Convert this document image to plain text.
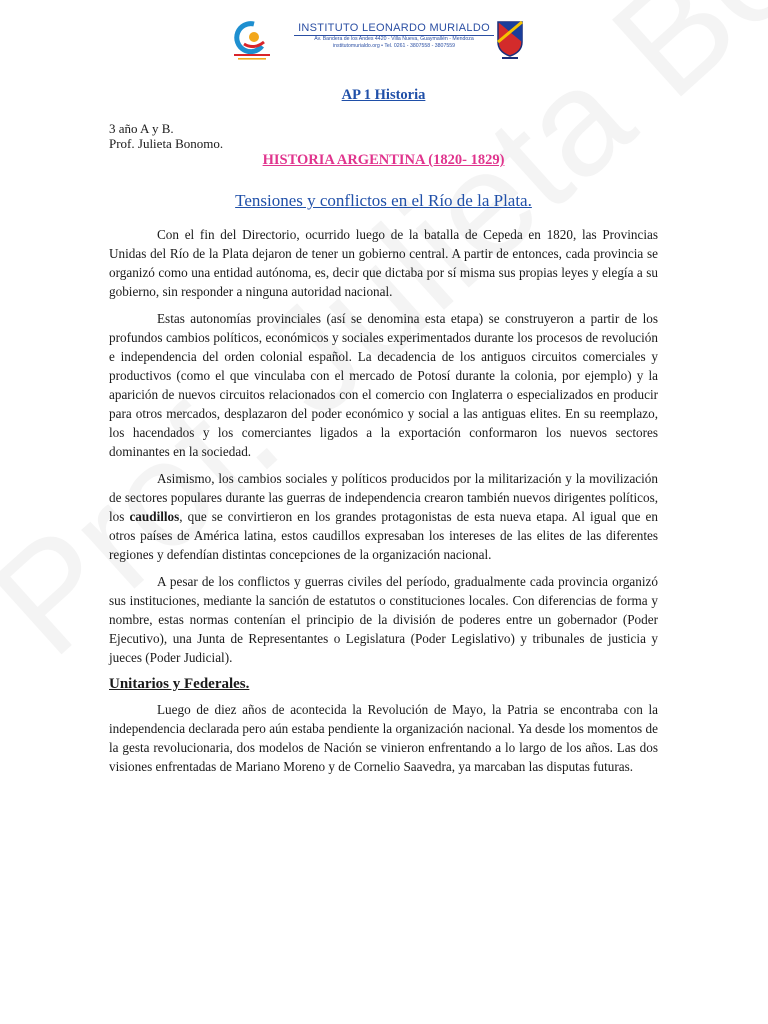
INSTITUTO LEONARDO MURIALDO
Av. Bandera de los Andes 4420 - Villa Nueva, Guaymallén - Mendoza
institutomurialdo.org • Tel. 0261 - 3807558 - 3807559
AP 1 Historia

3 año A y B.

Prof. Julieta Bonomo.

HISTORIA ARGENTINA (1820- 1829)
Tensiones y conflictos en el Río de la Plata.

Con el fin del Directorio, ocurrido luego de la batalla de Cepeda en 1820, las Provincias Unidas del Río de la Plata dejaron de tener un gobierno central. A partir de entonces, cada provincia se organizó como una entidad autónoma, es, decir que dictaba por sí misma sus propias leyes y elegía a su gobierno, sin responder a ninguna autoridad nacional.

Estas autonomías provinciales (así se denomina esta etapa) se construyeron a partir de los profundos cambios políticos, económicos y sociales experimentados durante los procesos de revolución e independencia del orden colonial español. La decadencia de los antiguos circuitos comerciales y productivos (como el que vinculaba con el mercado de Potosí durante la colonia, por ejemplo) y la aparición de nuevos circuitos relacionados con el comercio con Inglaterra o especializados en producir para otros mercados, desplazaron del poder económico y social a las antiguas elites. En su reemplazo, los hacendados y los comerciantes ligados a la exportación conformaron los nuevos sectores dominantes en la sociedad.

Asimismo, los cambios sociales y políticos producidos por la militarización y la movilización de sectores populares durante las guerras de independencia crearon también nuevos dirigentes políticos, los caudillos, que se convirtieron en los grandes protagonistas de esta nueva etapa. Al igual que en otros países de América latina, estos caudillos expresaban los intereses de las elites de las diferentes regiones y defendían distintas concepciones de la organización nacional.

A pesar de los conflictos y guerras civiles del período, gradualmente cada provincia organizó sus instituciones, mediante la sanción de estatutos o constituciones locales. Con diferencias de forma y nombre, estas normas contenían el principio de la división de poderes entre un gobernador (Poder Ejecutivo), una Junta de Representantes o Legislatura (Poder Legislativo) y tribunales de justicia y jueces (Poder Judicial).

Unitarios y Federales.

Luego de diez años de acontecida la Revolución de Mayo, la Patria se encontraba con la independencia declarada pero aún estaba pendiente la organización nacional. Ya desde los momentos de la gesta revolucionaria, dos modelos de Nación se vinieron enfrentando a lo largo de los años. Las dos visiones enfrentadas de Mariano Moreno y de Cornelio Saavedra, ya marcaban las disputas futuras.
